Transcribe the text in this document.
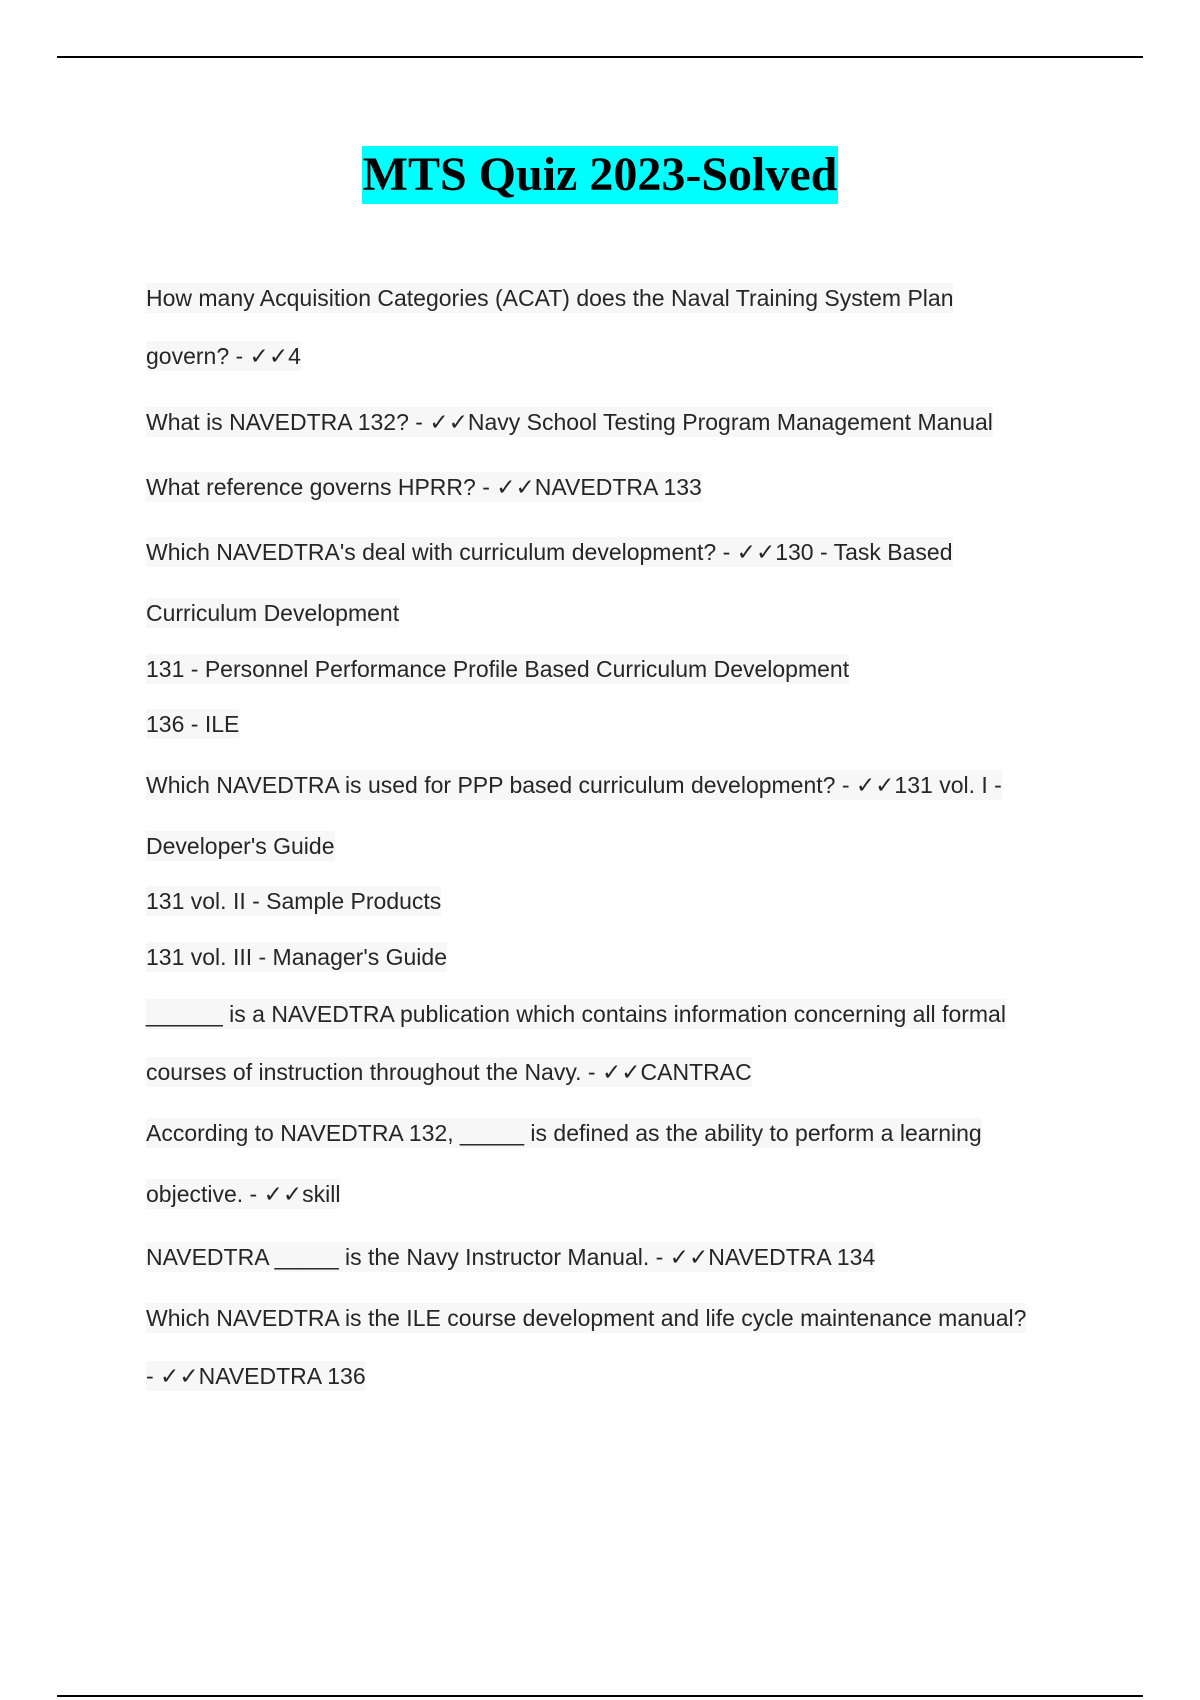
MTS Quiz 2023-Solved
How many Acquisition Categories (ACAT) does the Naval Training System Plan
govern? - ✓✓4
What is NAVEDTRA 132? - ✓✓Navy School Testing Program Management Manual
What reference governs HPRR? - ✓✓NAVEDTRA 133
Which NAVEDTRA's deal with curriculum development? - ✓✓130 - Task Based
Curriculum Development
131 - Personnel Performance Profile Based Curriculum Development
136 - ILE
Which NAVEDTRA is used for PPP based curriculum development? - ✓✓131 vol. I -
Developer's Guide
131 vol. II - Sample Products
131 vol. III - Manager's Guide
______ is a NAVEDTRA publication which contains information concerning all formal
courses of instruction throughout the Navy. - ✓✓CANTRAC
According to NAVEDTRA 132, _____ is defined as the ability to perform a learning
objective. - ✓✓skill
NAVEDTRA _____ is the Navy Instructor Manual. - ✓✓NAVEDTRA 134
Which NAVEDTRA is the ILE course development and life cycle maintenance manual?
- ✓✓NAVEDTRA 136
